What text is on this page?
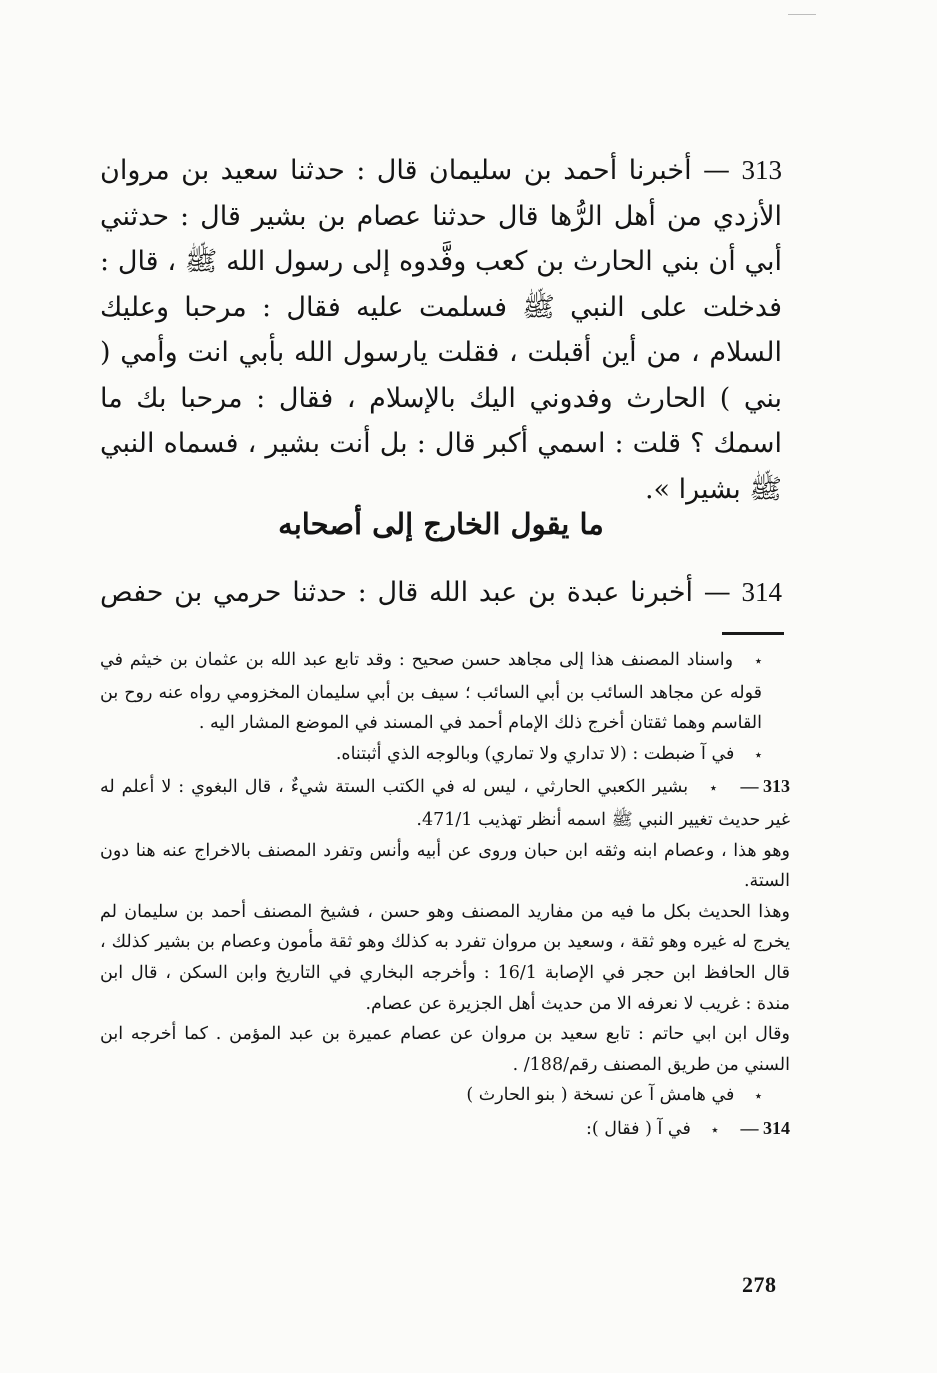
313 — أخبرنا أحمد بن سليمان قال : حدثنا سعيد بن مروان الأزدي من أهل الرُّها قال حدثنا عصام بن بشير قال : حدثني أبي أن بني الحارث بن كعب وفَّدوه إلى رسول الله ﷺ ، قال : فدخلت على النبي ﷺ فسلمت عليه فقال : مرحبا وعليك السلام ، من أين أقبلت ، فقلت يارسول الله بأبي انت وأمي ( بني ) الحارث وفدوني اليك بالإسلام ، فقال : مرحبا بك ما اسمك ؟ قلت : اسمي أكبر قال : بل أنت بشير ، فسماه النبي ﷺ بشيرا ».

ما يقول الخارج إلى أصحابه
314 — أخبرنا عبدة بن عبد الله قال : حدثنا حرمي بن حفص
٭ واسناد المصنف هذا إلى مجاهد حسن صحيح : وقد تابع عبد الله بن عثمان بن خيثم في قوله عن مجاهد السائب بن أبي السائب ؛ سيف بن أبي سليمان المخزومي رواه عنه روح بن القاسم وهما ثقتان أخرج ذلك الإمام أحمد في المسند في الموضع المشار اليه .
٭ في آ ضبطت : (لا تداري ولا تماري) وبالوجه الذي أثبتناه.
— 313 ٭ بشير الكعبي الحارثي ، ليس له في الكتب الستة شيءٌ ، قال البغوي : لا أعلم له غير حديث تغيير النبي ﷺ اسمه أنظر تهذيب 471/1.
وهو هذا ، وعصام ابنه وثقه ابن حبان وروى عن أبيه وأنس وتفرد المصنف بالاخراج عنه هنا دون الستة.
وهذا الحديث بكل ما فيه من مفاريد المصنف وهو حسن ، فشيخ المصنف أحمد بن سليمان لم يخرج له غيره وهو ثقة ، وسعيد بن مروان تفرد به كذلك وهو ثقة مأمون وعصام بن بشير كذلك ، قال الحافظ ابن حجر في الإصابة 16/1 : وأخرجه البخاري في التاريخ وابن السكن ، قال ابن مندة : غريب لا نعرفه الا من حديث أهل الجزيرة عن عصام.
وقال ابن ابي حاتم : تابع سعيد بن مروان عن عصام عميرة بن عبد المؤمن . كما أخرجه ابن السني من طريق المصنف رقم/188/ .
٭ في هامش آ عن نسخة ( بنو الحارث )
— 314 ٭ في آ ( فقال ):
278
